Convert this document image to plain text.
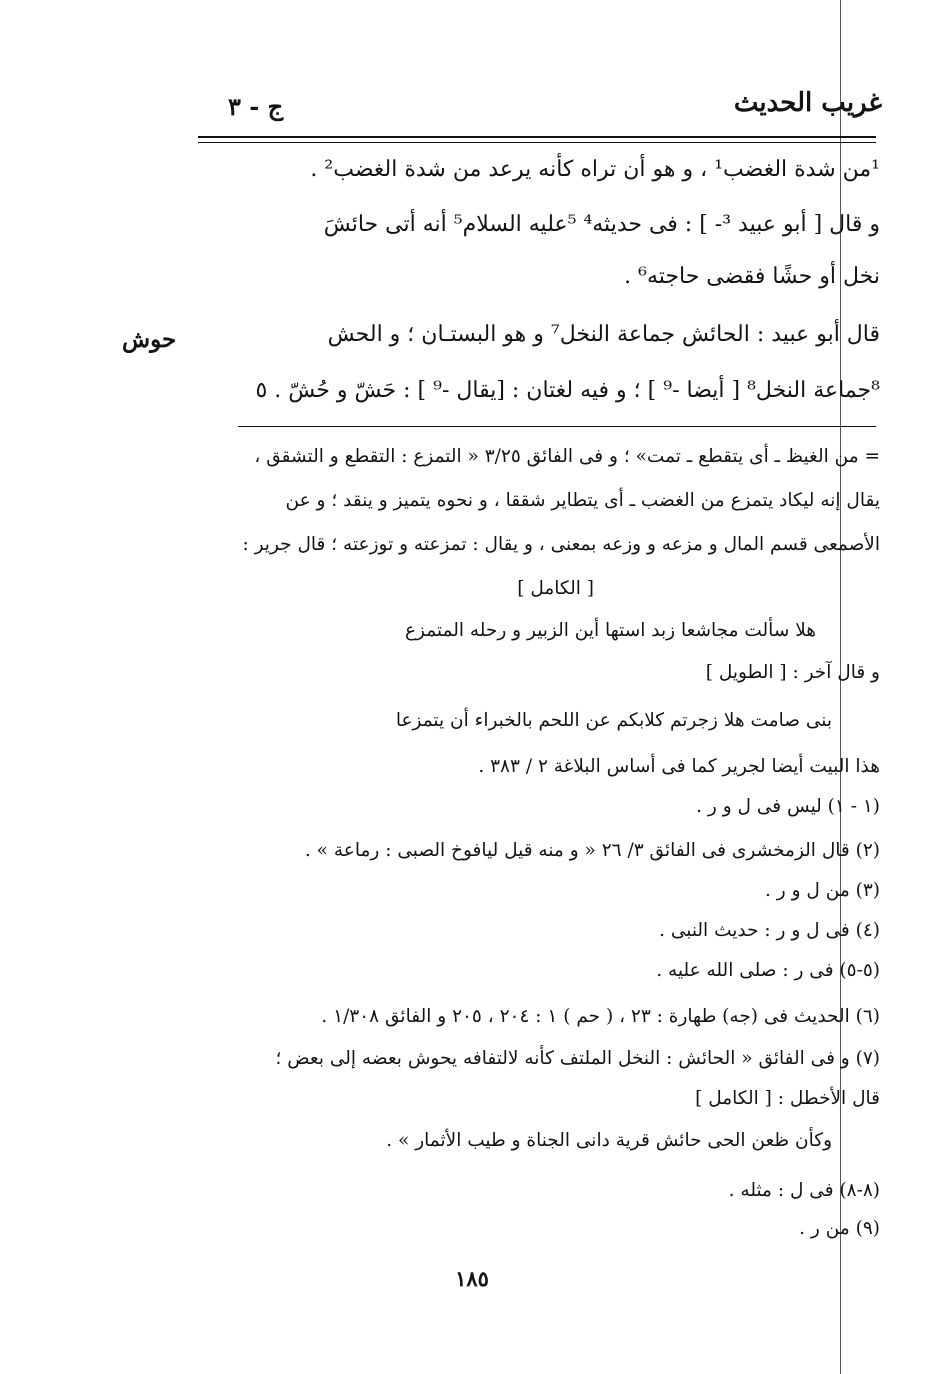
غريب الحديث
ج - ٣
¹من شدة الغضب¹ ، و هو أن تراه كأنه يرعد من شدة الغضب² .
و قال [ أبو عبيد ³- ] : فى حديثه⁴ ⁵عليه السلام⁵ أنه أتى حائشَ
نخل أو حشًا فقضى حاجته⁶ .
قال أبو عبيد : الحائش جماعة النخل⁷ و هو البستـان ؛ و الحش
⁸جماعة النخل⁸ [ أيضا -⁹ ] ؛ و فيه لغتان : [يقال -⁹ ] : حَشّ و حُشّ . ٥
حوش
= من الغيظ ـ أى يتقطع ـ تمت» ؛ و فى الفائق ٣/٢٥ « التمزع : التقطع و التشقق ،
يقال إنه ليكاد يتمزع من الغضب ـ أى يتطاير شققا ، و نحوه يتميز و ينقد ؛ و عن
الأصمعى قسم المال و مزعه و وزعه بمعنى ، و يقال : تمزعته و توزعته ؛ قال جرير :
[ الكامل ]
هلا سألت مجاشعا زبد استها أين الزبير و رحله المتمزع
و قال آخر : [ الطويل ]
بنى صامت هلا زجرتم كلابكم عن اللحم بالخبراء أن يتمزعا
هذا البيت أيضا لجرير كما فى أساس البلاغة ٢ / ٣٨٣ .
(١ - ١) ليس فى ل و ر .
(٢) قال الزمخشرى فى الفائق ٣/ ٢٦ « و منه قيل ليافوخ الصبى : رماعة » .
(٣) من ل و ر .
(٤) فى ل و ر : حديث النبى .
(٥-٥) فى ر : صلى الله عليه .
(٦) الحديث فى (جه) طهارة : ٢٣ ، ( حم ) ١ : ٢٠٤ ، ٢٠٥ و الفائق ١/٣٠٨ .
(٧) و فى الفائق « الحائش : النخل الملتف كأنه لالتفافه يحوش بعضه إلى بعض ؛
قال الأخطل : [ الكامل ]
وكأن ظعن الحى حائش قرية دانى الجناة و طيب الأثمار » .
(٨-٨) فى ل : مثله .
(٩) من ر .
١٨٥
